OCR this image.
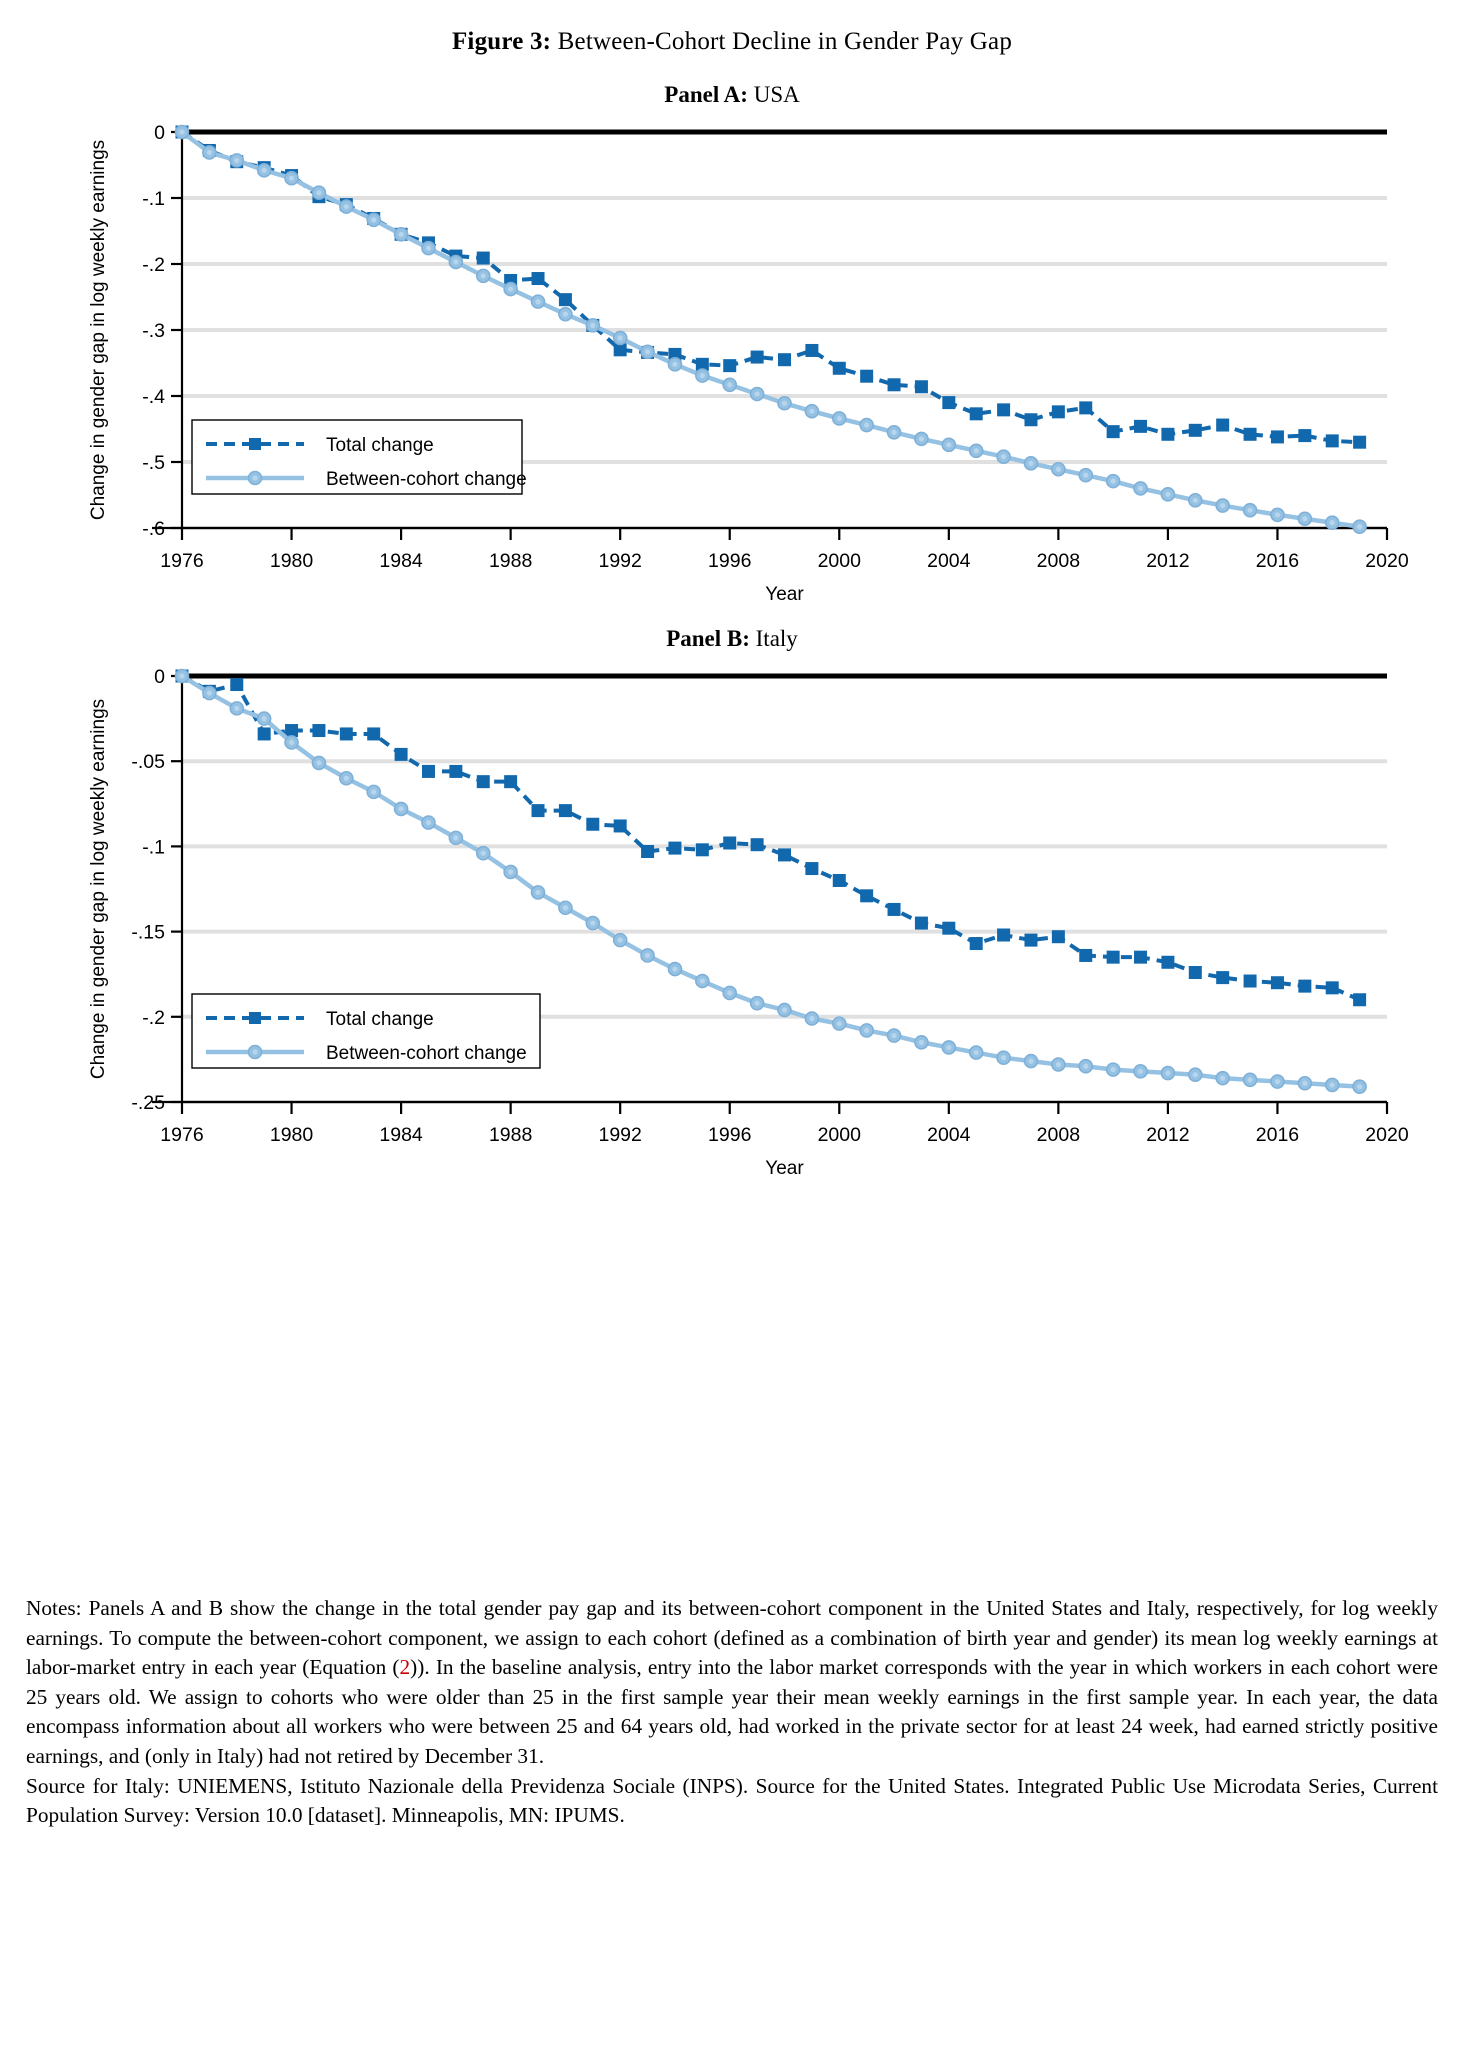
Figure 3: Between-Cohort Decline in Gender Pay Gap
Panel A: USA
0
-.1
-.2
-.3
-.4
-.5
-.6
1976	1980	1984	1988	1992	1996	2000	2004	2008	2012	2016	2020
Year
Change in gender gap in log weekly earnings	Total change
Between-cohort change
Panel B: Italy
0
-.05
-.1
-.15
-.2
-.25
1976	1980	1984	1988	1992	1996	2000	2004	2008	2012	2016	2020
Year
Change in gender gap in log weekly earnings	Total change
Between-cohort change

Notes: Panels A and B show the change in the total gender pay gap and its between-cohort component in the United States and Italy, respectively, for log weekly earnings. To compute the between-cohort component, we assign to each cohort (defined as a combination of birth year and gender) its mean log weekly earnings at labor-market entry in each year (Equation (2)). In the baseline analysis, entry into the labor market corresponds with the year in which workers in each cohort were 25 years old. We assign to cohorts who were older than 25 in the first sample year their mean weekly earnings in the first sample year. In each year, the data encompass information about all workers who were between 25 and 64 years old, had worked in the private sector for at least 24 week, had earned strictly positive earnings, and (only in Italy) had not retired by December 31.

Source for Italy: UNIEMENS, Istituto Nazionale della Previdenza Sociale (INPS). Source for the United States. Integrated Public Use Microdata Series, Current Population Survey: Version 10.0 [dataset]. Minneapolis, MN: IPUMS.
